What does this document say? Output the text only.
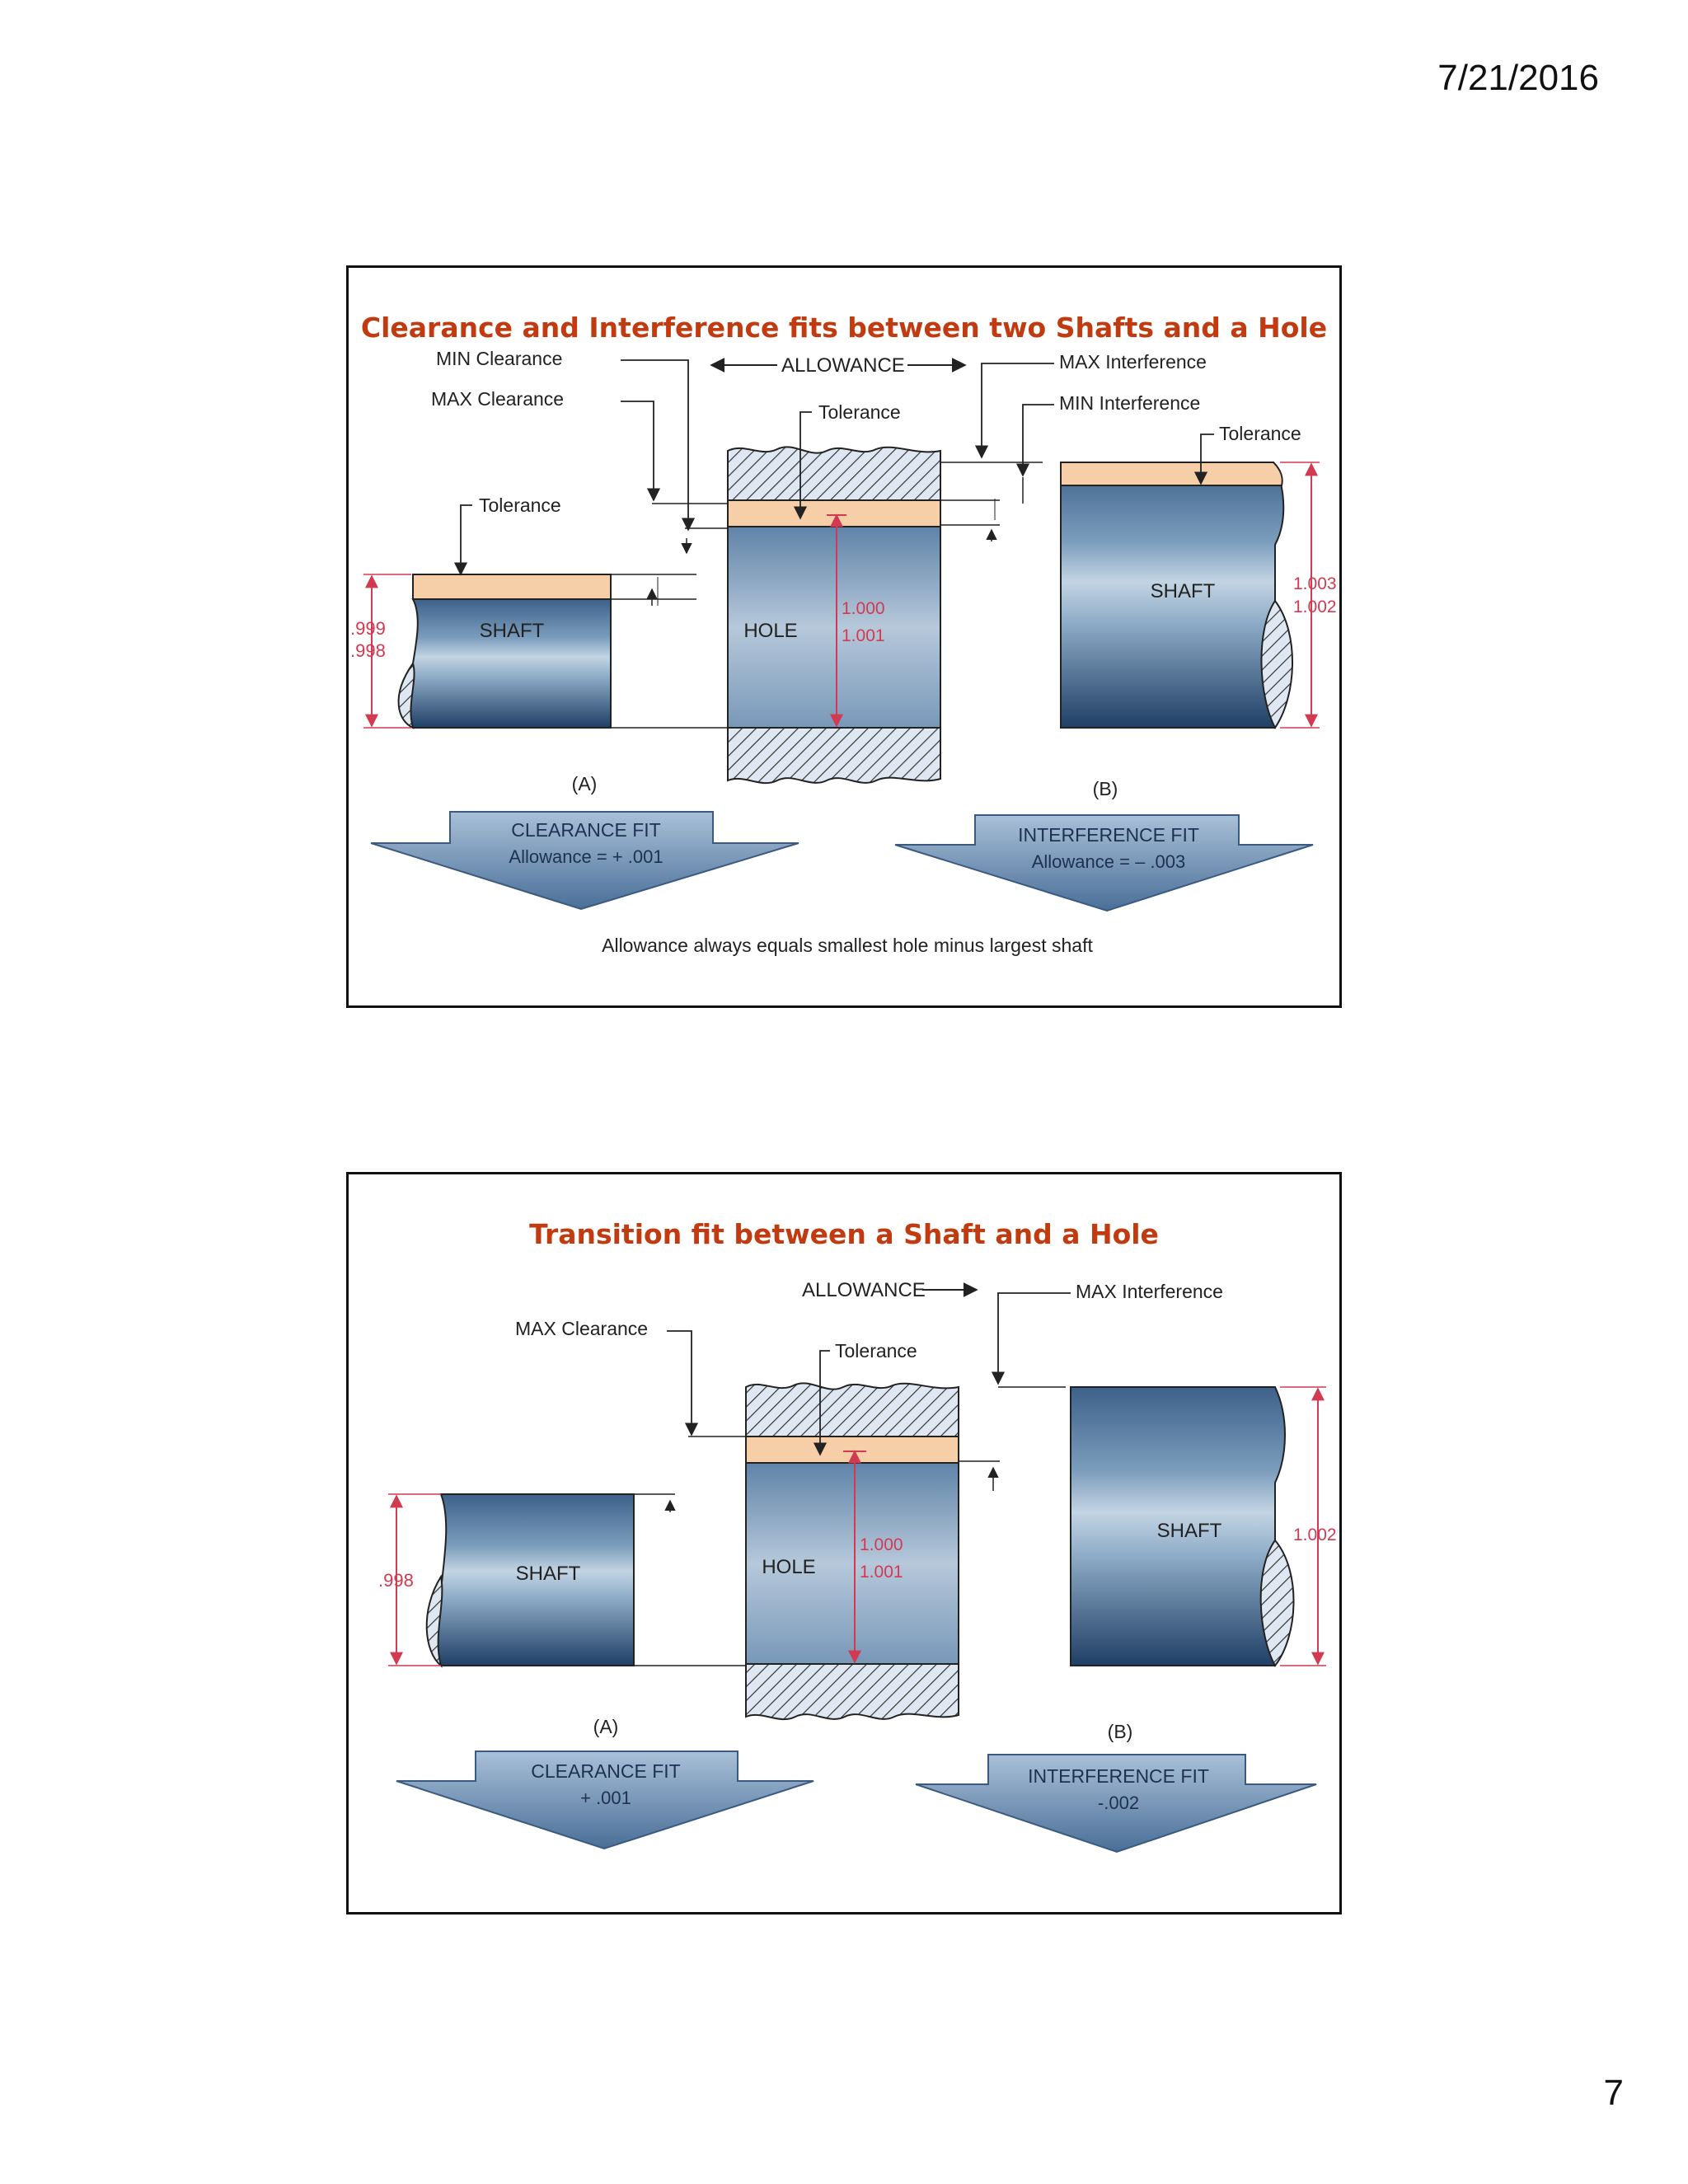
7/21/2016
Clearance and Interference fits between two Shafts and a Hole
SHAFT
.999
.998
Tolerance
HOLE
1.000
1.001
Tolerance
ALLOWANCE
MIN Clearance
MAX Clearance
MAX Interference
MIN Interference
SHAFT
Tolerance
1.003
1.002
(A)	(B)
CLEARANCE FIT
Allowance = + .001
INTERFERENCE FIT
Allowance = – .003
Allowance always equals smallest hole minus largest shaft
Transition fit between a Shaft and a Hole
ALLOWANCE	MAX Interference
MAX Clearance
HOLE
1.000
1.001
Tolerance
SHAFT
.998
SHAFT	1.002
(A)	(B)
CLEARANCE FIT
+ .001
INTERFERENCE FIT
-.002
7
